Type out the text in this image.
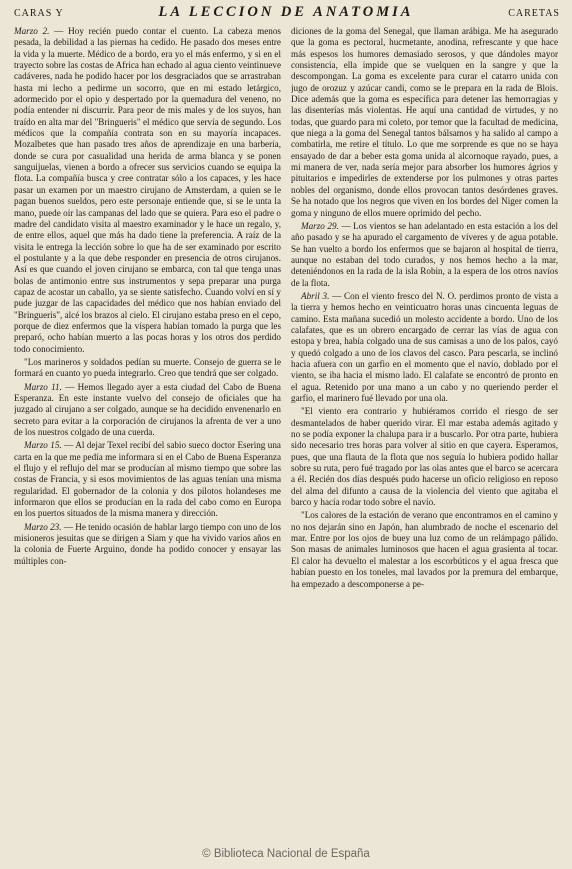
CARAS Y	LA LECCION DE ANATOMIA	CARETAS

Marzo 2. — Hoy recién puedo contar el cuento. La cabeza menos pesada, la debilidad a las piernas ha cedido. He pasado dos meses entre la vida y la muerte. Médico de a bordo, era yo el más enfermo, y si en el trayecto sobre las costas de Africa han echado al agua ciento veintinueve cadáveres, nada he podido hacer por los desgraciados que se arrastraban hasta mi lecho a pedirme un socorro, que en mi estado letárgico, adormecido por el opio y despertado por la quemadura del veneno, no podía entender ni discurrir. Para peor de mis males y de los suyos, han traído en alta mar del "Bringueris" el médico que servía de segundo. Los médicos que la compañía contrata son en su mayoría incapaces. Mozalbetes que han pasado tres años de aprendizaje en una barbería, donde se cura por casualidad una herida de arma blanca y se ponen sanguijuelas, vienen a bordo a ofrecer sus servicios cuando se equipa la flota. La compañía busca y cree contratar sólo a los capaces, y les hace pasar un examen por un maestro cirujano de Amsterdam, a quien se le pagan buenos sueldos, pero este personaje entiende que, si se le unta la mano, puede oír las campanas del lado que se quiera. Para eso el padre o madre del candidato visita al maestro examinador y le hace un regalo, y, de entre ellos, aquel que más ha dado tiene la preferencia. A raíz de la visita le entrega la lección sobre lo que ha de ser examinado por escrito el postulante y a la que debe responder en presencia de otros cirujanos. Así es que cuando el joven cirujano se embarca, con tal que tenga unas bolas de antimonio entre sus instrumentos y sepa preparar una purga capaz de acostar un caballo, ya se siente satisfecho. Cuando volví en sí y pude juzgar de las capacidades del médico que nos habían enviado del "Bringueris", alcé los brazos al cielo. El cirujano estaba preso en el cepo, porque de diez enfermos que la víspera habían tomado la purga que les preparó, ocho habían muerto a las pocas horas y los otros dos perdido todo conocimiento.

"Los marineros y soldados pedían su muerte. Consejo de guerra se le formará en cuanto yo pueda integrarlo. Creo que tendrá que ser colgado.

Marzo 11. — Hemos llegado ayer a esta ciudad del Cabo de Buena Esperanza. En este instante vuelvo del consejo de oficiales que ha juzgado al cirujano a ser colgado, aunque se ha decidido envenenarlo en secreto para evitar a la corporación de cirujanos la afrenta de ver a uno de los nuestros colgado de una cuerda.

Marzo 15. — Al dejar Texel recibí del sabio sueco doctor Esering una carta en la que me pedía me informara si en el Cabo de Buena Esperanza el flujo y el reflujo del mar se producían al mismo tiempo que sobre las costas de Francia, y si esos movimientos de las aguas tenían una misma regularidad. El gobernador de la colonia y dos pilotos holandeses me informaron que ellos se producían en la rada del cabo como en Europa en los puertos situados de la misma manera y dirección.

Marzo 23. — He tenido ocasión de hablar largo tiempo con uno de los misioneros jesuitas que se dirigen a Siam y que ha vivido varios años en la colonia de Fuerte Arguino, donde ha podido conocer y ensayar las múltiples con-

diciones de la goma del Senegal, que llaman arábiga. Me ha asegurado que la goma es pectoral, hucmetante, anodina, refrescante y que hace más espesos los humores demasiado serosos, y que dándoles mayor consistencia, ella impide que se vuelquen en la sangre y que la descompongan. La goma es excelente para curar el catarro unida con jugo de orozuz y azúcar candi, como se le prepara en la rada de Blois. Dice además que la goma es específica para detener las hemorragias y las disenterías más violentas. He aquí una cantidad de virtudes, y no todas, que guardo para mi coleto, por temor que la facultad de medicina, que niega a la goma del Senegal tantos bálsamos y ha salido al campo a combatirla, me retire el título. Lo que me sorprende es que no se haya ensayado de dar a beber esta goma unida al alcornoque rayado, pues, a mi manera de ver, nada sería mejor para absorber los humores ágrios y pituitarios e impedirles de extenderse por los pulmones y otras partes nobles del organismo, donde ellos provocan tantos desórdenes graves. Se ha notado que los negros que viven en los bordes del Niger comen la goma y ninguno de ellos muere oprimido del pecho.

Marzo 29. — Los vientos se han adelantado en esta estación a los del año pasado y se ha apurado el cargamento de víveres y de agua potable. Se han vuelto a bordo los enfermos que se bajaron al hospital de tierra, aunque no estaban del todo curados, y nos hemos hecho a la mar, deteniéndonos en la rada de la isla Robin, a la espera de los otros navíos de la flota.

Abril 3. — Con el viento fresco del N. O. perdimos pronto de vista a la tierra y hemos hecho en veinticuatro horas unas cincuenta leguas de camino. Esta mañana sucedió un molesto accidente a bordo. Uno de los calafates, que es un obrero encargado de cerrar las vías de agua con estopa y brea, había colgado una de sus camisas a uno de los palos, cayó y quedó colgado a uno de los clavos del casco. Para pescarla, se inclinó hacia afuera con un garfio en el momento que el navío, doblado por el viento, se iba hacia el mismo lado. El calafate se encontró de pronto en el agua. Retenido por una mano a un cabo y no queriendo perder el garfio, el marinero fué llevado por una ola.

"El viento era contrario y hubiéramos corrido el riesgo de ser desmantelados de haber querido virar. El mar estaba además agitado y no se podía exponer la chalupa para ir a buscarlo. Por otra parte, hubiera sido necesario tres horas para volver al sitio en que cayera. Esperamos, pues, que una flauta de la flota que nos seguía lo hubiera podido hallar sobre su ruta, pero fué tragado por las olas antes que el barco se acercara a él. Recién dos días después pudo hacerse un oficio religioso en reposo del alma del difunto a causa de la violencia del viento que agitaba el barco y hacía rodar todo sobre el navío.

"Los calores de la estación de verano que encontramos en el camino y no nos dejarán sino en Japón, han alumbrado de noche el escenario del mar. Entre por los ojos de buey una luz como de un relámpago pálido. Son masas de animales luminosos que hacen el agua grasienta al tocar. El calor ha devuelto el malestar a los escorbúticos y el agua fresca que habían puesto en los toneles, mal lavados por la premura del embarque, ha empezado a descomponerse a pe-

© Biblioteca Nacional de España
